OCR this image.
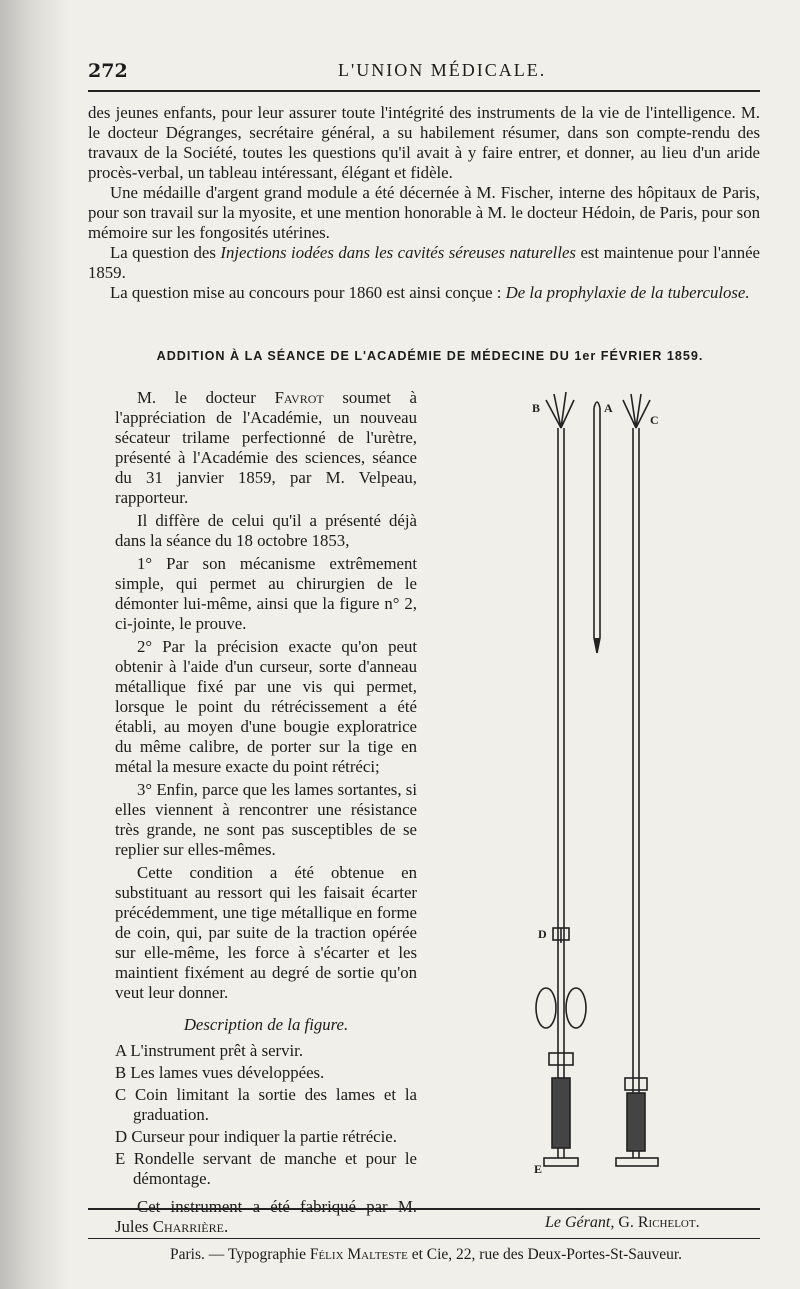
272	L'UNION MÉDICALE.

des jeunes enfants, pour leur assurer toute l'intégrité des instruments de la vie de l'intelligence. M. le docteur Dégranges, secrétaire général, a su habilement résumer, dans son compte-rendu des travaux de la Société, toutes les questions qu'il avait à y faire entrer, et donner, au lieu d'un aride procès-verbal, un tableau intéressant, élégant et fidèle.

Une médaille d'argent grand module a été décernée à M. Fischer, interne des hôpitaux de Paris, pour son travail sur la myosite, et une mention honorable à M. le docteur Hédoin, de Paris, pour son mémoire sur les fongosités utérines.

La question des Injections iodées dans les cavités séreuses naturelles est maintenue pour l'année 1859.

La question mise au concours pour 1860 est ainsi conçue : De la prophylaxie de la tuberculose.

ADDITION À LA SÉANCE DE L'ACADÉMIE DE MÉDECINE DU 1er FÉVRIER 1859.

M. le docteur Favrot soumet à l'appréciation de l'Académie, un nouveau sécateur trilame perfectionné de l'urètre, présenté à l'Académie des sciences, séance du 31 janvier 1859, par M. Velpeau, rapporteur.

Il diffère de celui qu'il a présenté déjà dans la séance du 18 octobre 1853,

1° Par son mécanisme extrêmement simple, qui permet au chirurgien de le démonter lui-même, ainsi que la figure n° 2, ci-jointe, le prouve.

2° Par la précision exacte qu'on peut obtenir à l'aide d'un curseur, sorte d'anneau métallique fixé par une vis qui permet, lorsque le point du rétrécissement a été établi, au moyen d'une bougie exploratrice du même calibre, de porter sur la tige en métal la mesure exacte du point rétréci;

3° Enfin, parce que les lames sortantes, si elles viennent à rencontrer une résistance très grande, ne sont pas susceptibles de se replier sur elles-mêmes.

Cette condition a été obtenue en substituant au ressort qui les faisait écarter précédemment, une tige métallique en forme de coin, qui, par suite de la traction opérée sur elle-même, les force à s'écarter et les maintient fixément au degré de sortie qu'on veut leur donner.

Description de la figure.

A L'instrument prêt à servir.

B Les lames vues développées.

C Coin limitant la sortie des lames et la graduation.

D Curseur pour indiquer la partie rétrécie.

E Rondelle servant de manche et pour le démontage.

Cet instrument a été fabriqué par M. Jules Charrière.

B	A
C
D
E
Le Gérant, G. Richelot.
Paris. — Typographie Félix Malteste et Cie, 22, rue des Deux-Portes-St-Sauveur.
